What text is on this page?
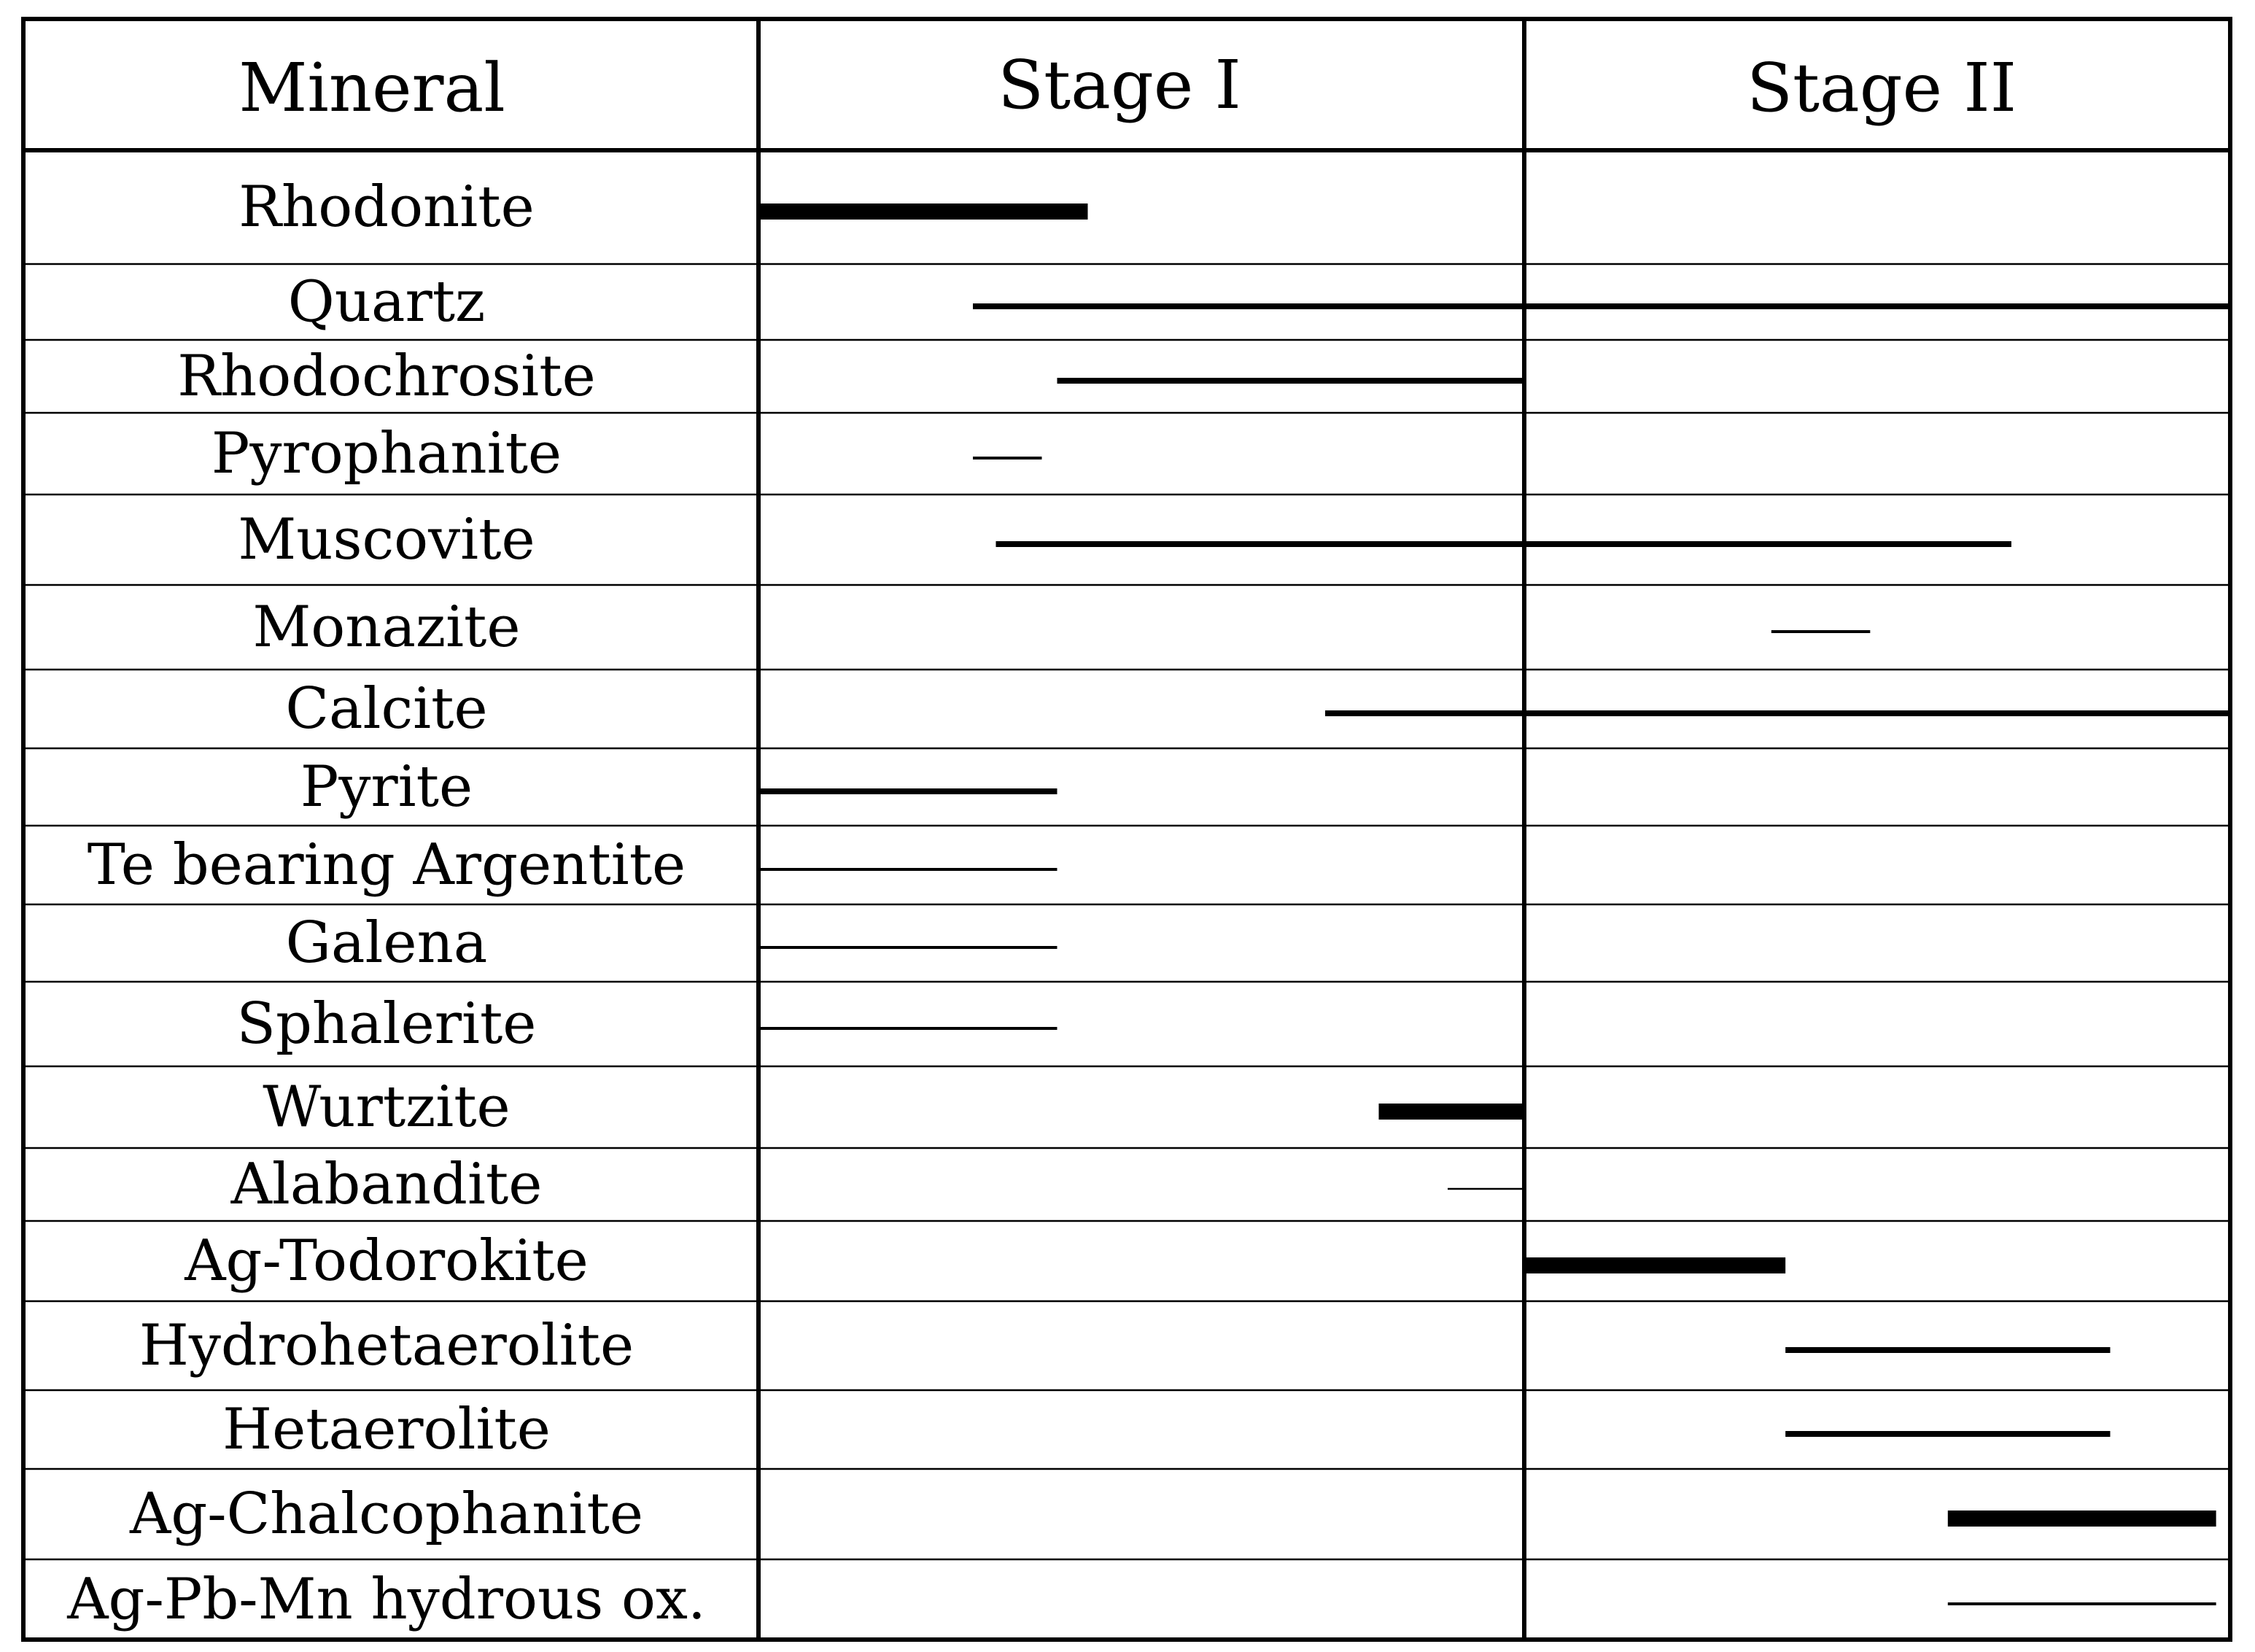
Mineral	Stage I	Stage II
Rhodonite
Quartz
Rhodochrosite
Pyrophanite
Muscovite
Monazite
Calcite
Pyrite
Te bearing Argentite
Galena
Sphalerite
Wurtzite
Alabandite
Ag-Todorokite
Hydrohetaerolite
Hetaerolite
Ag-Chalcophanite
Ag-Pb-Mn hydrous ox.
